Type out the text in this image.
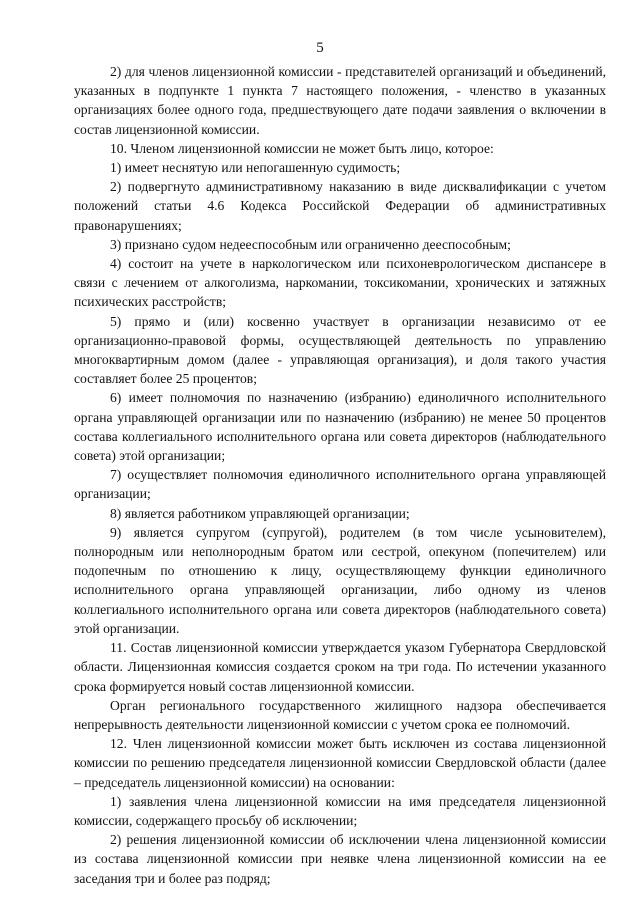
5

2) для членов лицензионной комиссии - представителей организаций и объединений, указанных в подпункте 1 пункта 7 настоящего положения, - членство в указанных организациях более одного года, предшествующего дате подачи заявления о включении в состав лицензионной комиссии.

10. Членом лицензионной комиссии не может быть лицо, которое:

1) имеет неснятую или непогашенную судимость;

2) подвергнуто административному наказанию в виде дисквалификации с учетом положений статьи 4.6 Кодекса Российской Федерации об административных правонарушениях;

3) признано судом недееспособным или ограниченно дееспособным;

4) состоит на учете в наркологическом или психоневрологическом диспансере в связи с лечением от алкоголизма, наркомании, токсикомании, хронических и затяжных психических расстройств;

5) прямо и (или) косвенно участвует в организации независимо от ее организационно-правовой формы, осуществляющей деятельность по управлению многоквартирным домом (далее - управляющая организация), и доля такого участия составляет более 25 процентов;

6) имеет полномочия по назначению (избранию) единоличного исполнительного органа управляющей организации или по назначению (избранию) не менее 50 процентов состава коллегиального исполнительного органа или совета директоров (наблюдательного совета) этой организации;

7) осуществляет полномочия единоличного исполнительного органа управляющей организации;

8) является работником управляющей организации;

9) является супругом (супругой), родителем (в том числе усыновителем), полнородным или неполнородным братом или сестрой, опекуном (попечителем) или подопечным по отношению к лицу, осуществляющему функции единоличного исполнительного органа управляющей организации, либо одному из членов коллегиального исполнительного органа или совета директоров (наблюдательного совета) этой организации.

11. Состав лицензионной комиссии утверждается указом Губернатора Свердловской области. Лицензионная комиссия создается сроком на три года. По истечении указанного срока формируется новый состав лицензионной комиссии.

Орган регионального государственного жилищного надзора обеспечивается непрерывность деятельности лицензионной комиссии с учетом срока ее полномочий.

12. Член лицензионной комиссии может быть исключен из состава лицензионной комиссии по решению председателя лицензионной комиссии Свердловской области (далее – председатель лицензионной комиссии) на основании:

1) заявления члена лицензионной комиссии на имя председателя лицензионной комиссии, содержащего просьбу об исключении;

2) решения лицензионной комиссии об исключении члена лицензионной комиссии из состава лицензионной комиссии при неявке члена лицензионной комиссии на ее заседания три и более раз подряд;
